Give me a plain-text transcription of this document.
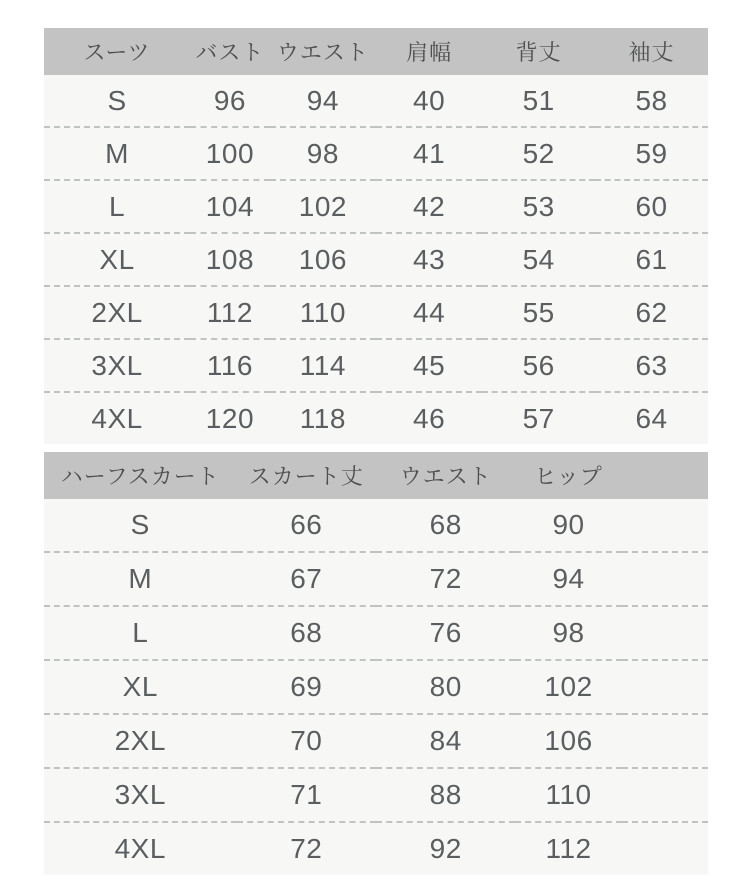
スーツ	バスト	ウエスト	肩幅	背丈	袖丈
S	96	94	40	51	58
M	100	98	41	52	59
L	104	102	42	53	60
XL	108	106	43	54	61
2XL	112	110	44	55	62
3XL	116	114	45	56	63
4XL	120	118	46	57	64
ハーフスカート	スカート丈	ウエスト	ヒップ	
S	66	68	90	
M	67	72	94	
L	68	76	98	
XL	69	80	102	
2XL	70	84	106	
3XL	71	88	110	
4XL	72	92	112	
